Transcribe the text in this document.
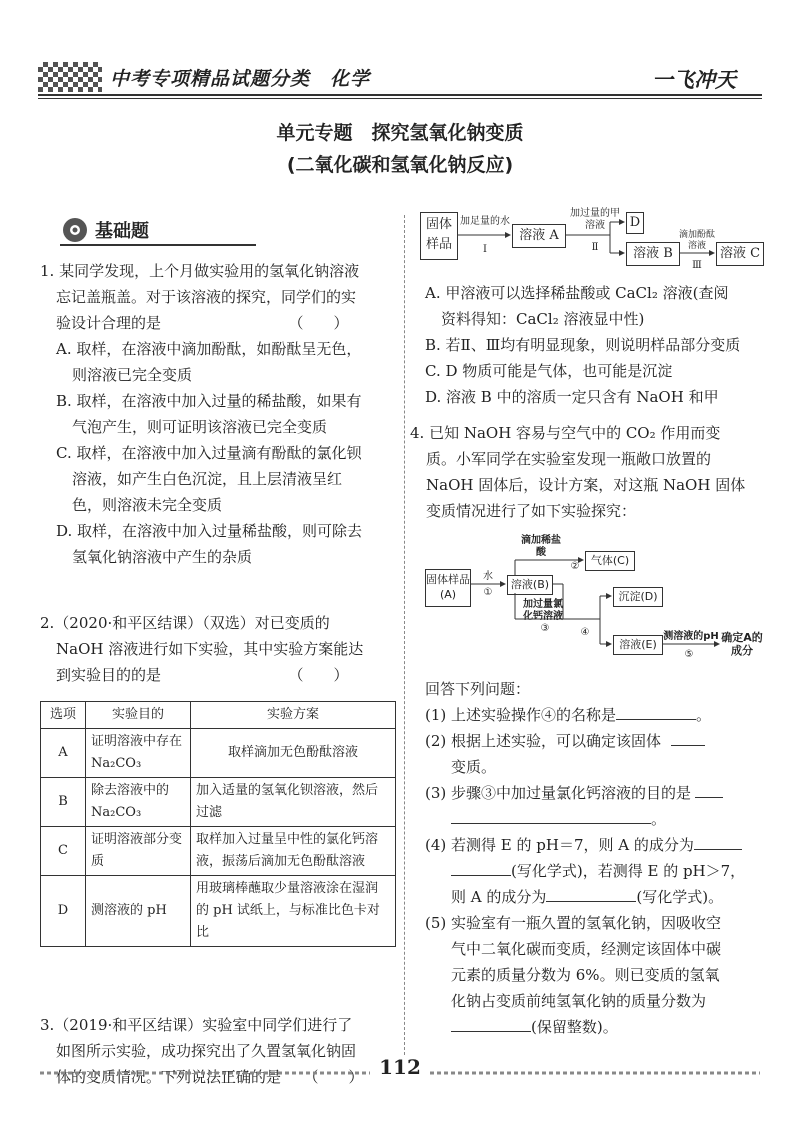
中考专项精品试题分类　化学	一飞冲天
单元专题　探究氢氧化钠变质
(二氧化碳和氢氧化钠反应)
基础题
1. 某同学发现，上个月做实验用的氢氧化钠溶液
忘记盖瓶盖。对于该溶液的探究，同学们的实
验设计合理的是　　　　　　　　　（　　）
A. 取样，在溶液中滴加酚酞，如酚酞呈无色，
则溶液已完全变质
B. 取样，在溶液中加入过量的稀盐酸，如果有
气泡产生，则可证明该溶液已完全变质
C. 取样，在溶液中加入过量滴有酚酞的氯化钡
溶液，如产生白色沉淀，且上层清液呈红
色，则溶液未完全变质
D. 取样，在溶液中加入过量稀盐酸，则可除去
氢氧化钠溶液中产生的杂质
2.（2020·和平区结课）（双选）对已变质的
NaOH 溶液进行如下实验，其中实验方案能达
到实验目的的是　　　　　　　　　（　　）
选项	实验目的	实验方案
A	证明溶液中存在 Na₂CO₃	取样滴加无色酚酞溶液
B	除去溶液中的 Na₂CO₃	加入适量的氢氧化钡溶液，然后过滤
C	证明溶液部分变质	取样加入过量呈中性的氯化钙溶液，振荡后滴加无色酚酞溶液
D	测溶液的 pH	用玻璃棒蘸取少量溶液涂在湿润的 pH 试纸上，与标准比色卡对比
3.（2019·和平区结课）实验室中同学们进行了
如图所示实验，成功探究出了久置氢氧化钠固
体的变质情况。下列说法正确的是　　（　　）
固体样品
加足量的水
Ⅰ
溶液 A
加过量的甲溶液
Ⅱ
D
溶液 B
滴加酚酞溶液
Ⅲ
溶液 C
A. 甲溶液可以选择稀盐酸或 CaCl₂ 溶液(查阅
资料得知：CaCl₂ 溶液显中性)
B. 若Ⅱ、Ⅲ均有明显现象，则说明样品部分变质
C. D 物质可能是气体，也可能是沉淀
D. 溶液 B 中的溶质一定只含有 NaOH 和甲
4. 已知 NaOH 容易与空气中的 CO₂ 作用而变
质。小军同学在实验室发现一瓶敞口放置的
NaOH 固体后，设计方案，对这瓶 NaOH 固体
变质情况进行了如下实验探究：
固体样品(A)
水
①
溶液(B)
滴加稀盐酸
②	气体(C)
加过量氯化钙溶液
③	④
沉淀(D)
溶液(E)
测溶液的pH
⑤
确定A的成分
回答下列问题：
(1) 上述实验操作④的名称是	。
(2) 根据上述实验，可以确定该固体
变质。
(3) 步骤③中加过量氯化钙溶液的目的是
。
(4) 若测得 E 的 pH＝7，则 A 的成分为
(写化学式)，若测得 E 的 pH＞7，
则 A 的成分为	(写化学式)。
(5) 实验室有一瓶久置的氢氧化钠，因吸收空
气中二氧化碳而变质，经测定该固体中碳
元素的质量分数为 6%。则已变质的氢氧
化钠占变质前纯氢氧化钠的质量分数为
(保留整数)。
112
